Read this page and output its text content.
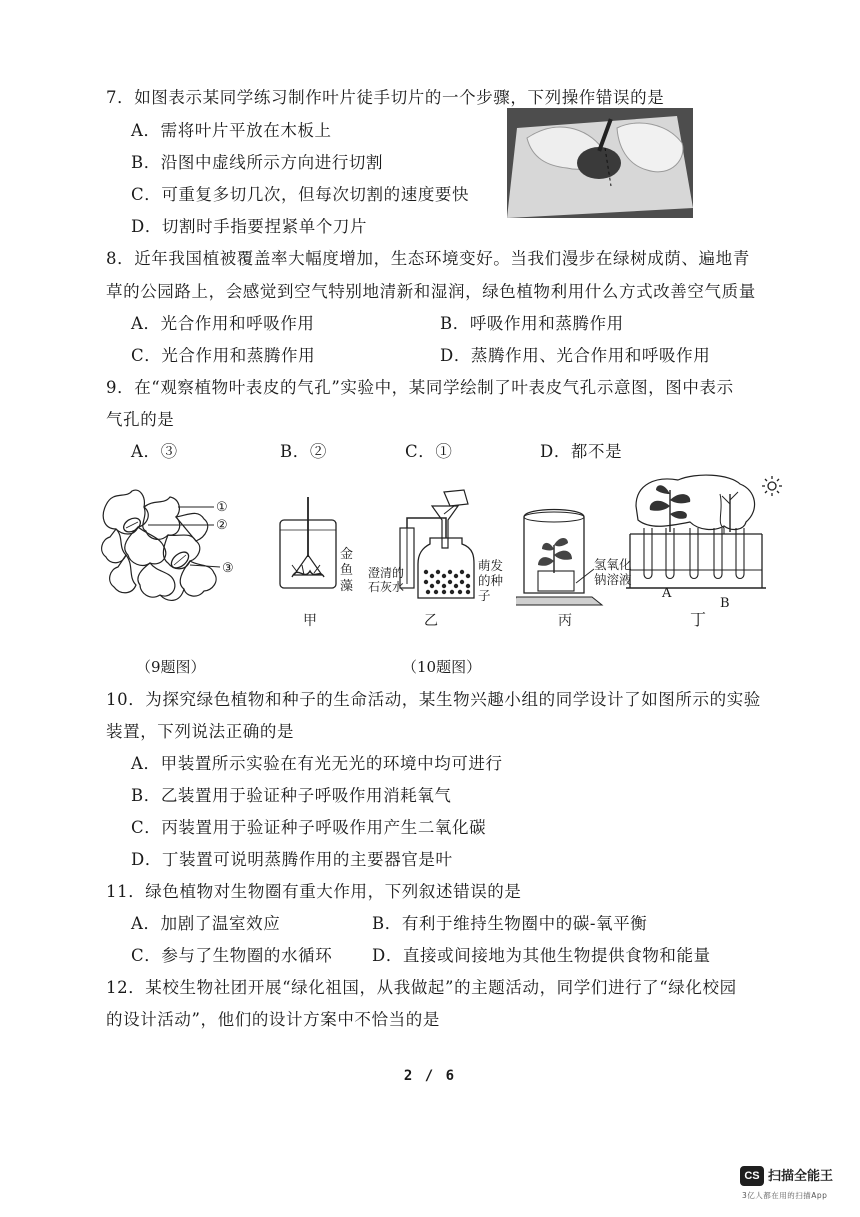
7．如图表示某同学练习制作叶片徒手切片的一个步骤，下列操作错误的是
A．需将叶片平放在木板上
B．沿图中虚线所示方向进行切割
C．可重复多切几次，但每次切割的速度要快
D．切割时手指要捏紧单个刀片
8．近年我国植被覆盖率大幅度增加，生态环境变好。当我们漫步在绿树成荫、遍地青
草的公园路上，会感觉到空气特别地清新和湿润，绿色植物利用什么方式改善空气质量
A．光合作用和呼吸作用	B．呼吸作用和蒸腾作用
C．光合作用和蒸腾作用	D．蒸腾作用、光合作用和呼吸作用
9．在“观察植物叶表皮的气孔”实验中，某同学绘制了叶表皮气孔示意图，图中表示
气孔的是
A．③	B．②	C．①	D．都不是
①
②
③
金鱼藻
澄清的石灰水
萌发的种子
氢氧化钠溶液
A
B
甲	乙	丙	丁
（9题图）	（10题图）
10．为探究绿色植物和种子的生命活动，某生物兴趣小组的同学设计了如图所示的实验
装置，下列说法正确的是
A．甲装置所示实验在有光无光的环境中均可进行
B．乙装置用于验证种子呼吸作用消耗氧气
C．丙装置用于验证种子呼吸作用产生二氧化碳
D．丁装置可说明蒸腾作用的主要器官是叶
11．绿色植物对生物圈有重大作用，下列叙述错误的是
A．加剧了温室效应	B．有利于维持生物圈中的碳-氧平衡
C．参与了生物圈的水循环 D．直接或间接地为其他生物提供食物和能量
12．某校生物社团开展“绿化祖国，从我做起”的主题活动，同学们进行了“绿化校园
的设计活动”，他们的设计方案中不恰当的是
2 / 6
CS 扫描全能王
3亿人都在用的扫描App
